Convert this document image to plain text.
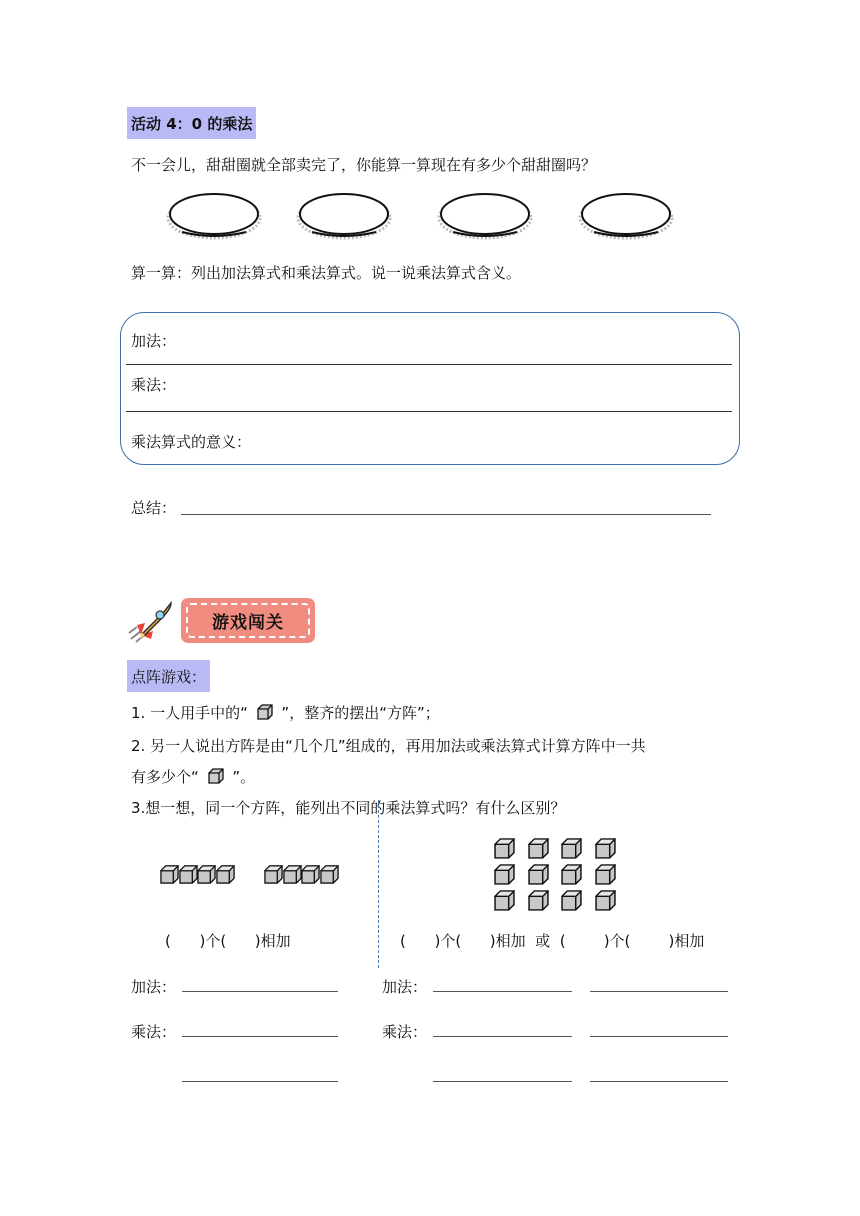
活动 4：0 的乘法
不一会儿，甜甜圈就全部卖完了，你能算一算现在有多少个甜甜圈吗？
算一算：列出加法算式和乘法算式。说一说乘法算式含义。
加法：
乘法：
乘法算式的意义：
总结：
游戏闯关
点阵游戏：
1. 一人用手中的“ ”，整齐的摆出“方阵”；
2. 另一人说出方阵是由“几个几”组成的，再用加法或乘法算式计算方阵中一共
有多少个“ ”。
3.想一想，同一个方阵，能列出不同的乘法算式吗？有什么区别？
(      )个(      )相加	(      )个(      )相加  或  (        )个(        )相加
加法：
乘法：
加法：
乘法：
